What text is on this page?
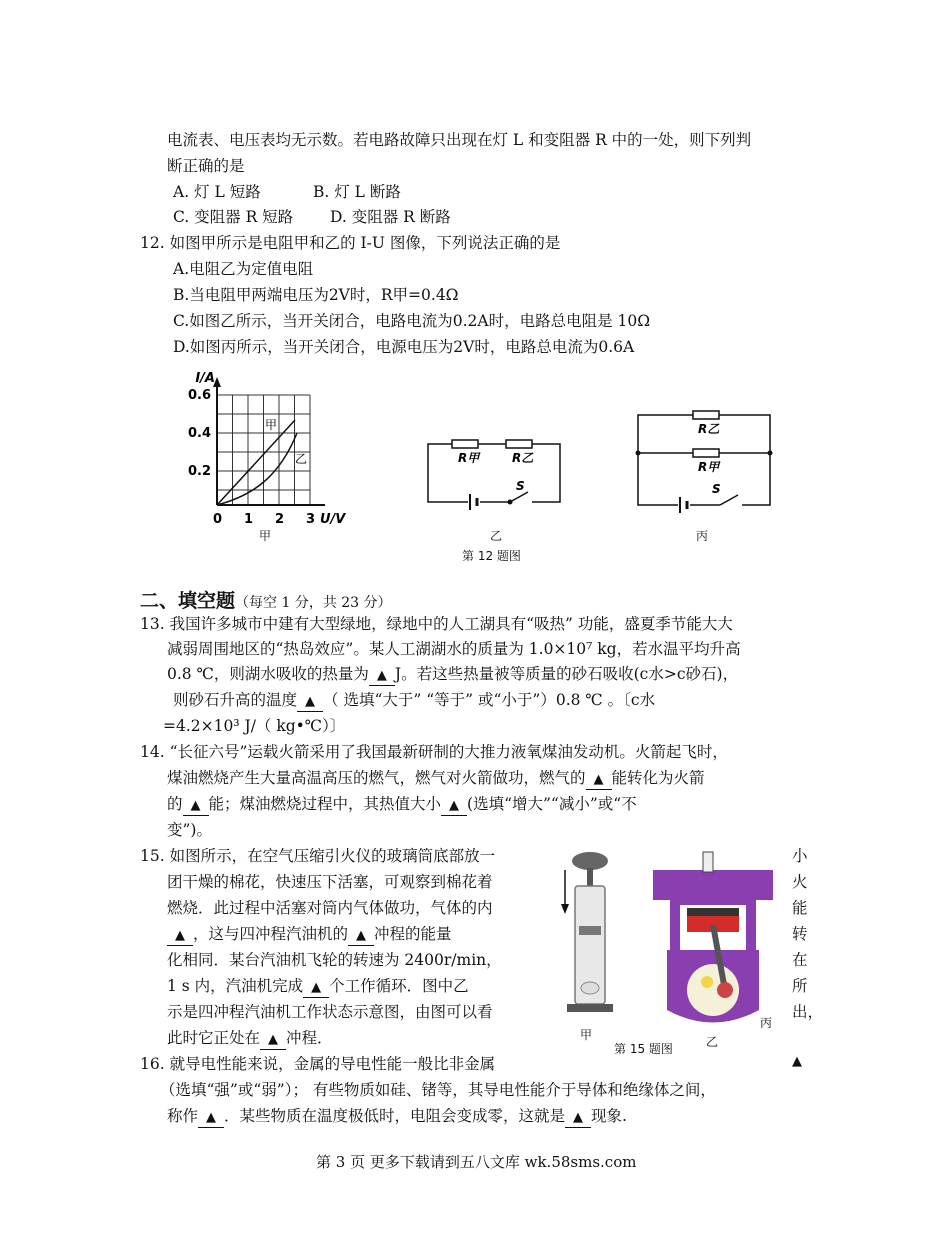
电流表、电压表均无示数。若电路故障只出现在灯 L 和变阻器 R 中的一处，则下列判
断正确的是
A. 灯 L 短路	B. 灯 L 断路
C. 变阻器 R 短路 D. 变阻器 R 断路
12. 如图甲所示是电阻甲和乙的 I-U 图像，下列说法正确的是
A.电阻乙为定值电阻
B.当电阻甲两端电压为2V时，R甲=0.4Ω
C.如图乙所示，当开关闭合，电路电流为0.2A时，电路总电阻是 10Ω
D.如图丙所示，当开关闭合，电源电压为2V时，电路总电流为0.6A
I/A
0.6
0.4
0.2
0 1 2 3 U/V
甲
乙
甲
R甲	R乙
S
乙
R乙
R甲
S
丙
第 12 题图
二、填空题（每空 1 分，共 23 分）
13. 我国许多城市中建有大型绿地，绿地中的人工湖具有“吸热” 功能，盛夏季节能大大
减弱周围地区的“热岛效应”。某人工湖湖水的质量为 1.0×10⁷ kg，若水温平均升高
0.8 ℃，则湖水吸收的热量为 ▲ J。若这些热量被等质量的砂石吸收(c水>c砂石)，
则砂石升高的温度 ▲ （ 选填“大于” “等于” 或“小于”）0.8 ℃ 。〔c水
=4.2×10³ J/（ kg•℃）〕
14. “长征六号”运载火箭采用了我国最新研制的大推力液氧煤油发动机。火箭起飞时，
煤油燃烧产生大量高温高压的燃气，燃气对火箭做功，燃气的 ▲ 能转化为火箭
的 ▲ 能；煤油燃烧过程中，其热值大小 ▲ (选填“增大”“减小”或“不
变”)。
15. 如图所示，在空气压缩引火仪的玻璃筒底部放一
团干燥的棉花，快速压下活塞，可观察到棉花着
燃烧．此过程中活塞对筒内气体做功，气体的内
▲ ，这与四冲程汽油机的 ▲ 冲程的能量
化相同．某台汽油机飞轮的转速为 2400r/min，
1 s 内，汽油机完成 ▲ 个工作循环．图中乙
示是四冲程汽油机工作状态示意图，由图可以看
此时它正处在 ▲ 冲程．
小
火
能
转
在
所
出，
甲	乙
丙
第 15 题图
16. 就导电性能来说，金属的导电性能一般比非金属	▲
（选填“强”或“弱”）； 有些物质如硅、锗等，其导电性能介于导体和绝缘体之间，
称作 ▲ ．某些物质在温度极低时，电阻会变成零，这就是 ▲ 现象.
第 3 页 更多下载请到五八文库 wk.58sms.com
